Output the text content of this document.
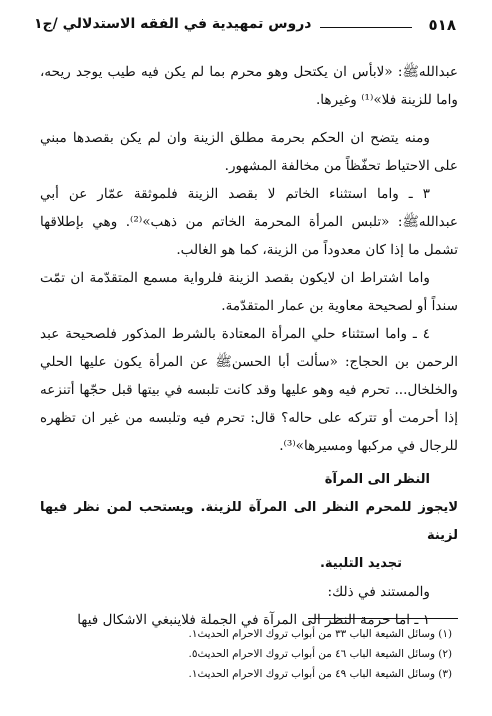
٥١٨
دروس تمهيدية في الفقه الاستدلالي /ج١

عبدالله‌ﷺ: «لابأس ان يكتحل وهو محرم بما لم يكن فيه طيب يوجد ريحه، واما للزينة فلا»⁽¹⁾ وغيرها.

ومنه يتضح ان الحكم بحرمة مطلق الزينة وان لم يكن بقصدها مبني على الاحتياط تحفّظاً من مخالفة المشهور.

٣ ـ واما استثناء الخاتم لا بقصد الزينة فلموثقة عمّار عن أبي عبدالله‌ﷺ: «تلبس المرأة المحرمة الخاتم من ذهب»⁽²⁾. وهي بإطلاقها تشمل ما إذا كان معدوداً من الزينة، كما هو الغالب.

واما اشتراط ان لايكون بقصد الزينة فلرواية مسمع المتقدّمة ان تمّت سنداً أو لصحيحة معاوية بن عمار المتقدّمة.

٤ ـ واما استثناء حلي المرأة المعتادة بالشرط المذكور فلصحيحة عبد الرحمن بن الحجاج: «سألت أبا الحسن‌ﷺ عن المرأة يكون عليها الحلي والخلخال... تحرم فيه وهو عليها وقد كانت تلبسه في بيتها قبل حجّها أتنزعه إذا أحرمت أو تتركه على حاله؟ قال: تحرم فيه وتلبسه من غير ان تظهره للرجال في مركبها ومسيرها»⁽³⁾.

النظر الى المرآة

لايجوز للمحرم النظر الى المرآة للزينة. ويستحب لمن نظر فيها لزينة

تجديد التلبية.

والمستند في ذلك:

١ ـ اما حرمة النظر الى المرآة في الجملة فلاينبغي الاشكال فيها

(١) وسائل الشيعة الباب ٣٣ من أبواب تروك الاحرام الحديث١.
(٢) وسائل الشيعة الباب ٤٦ من أبواب تروك الاحرام الحديث٥.
(٣) وسائل الشيعة الباب ٤٩ من أبواب تروك الاحرام الحديث١.
